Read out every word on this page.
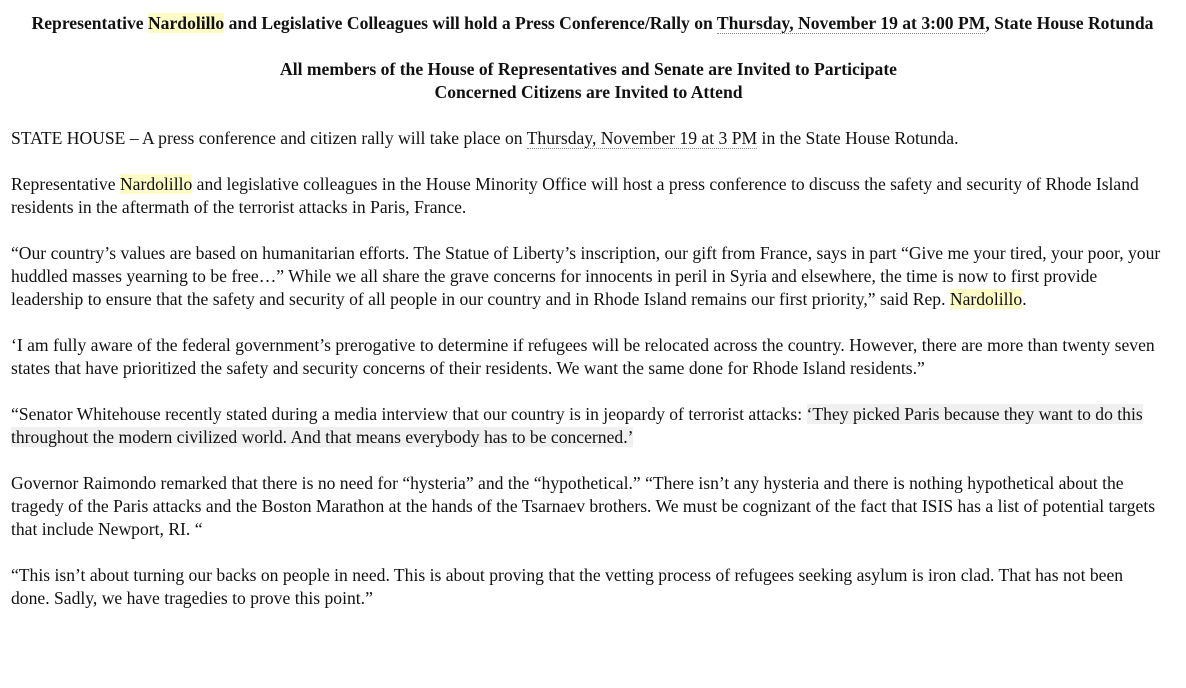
Representative Nardolillo and Legislative Colleagues will hold a Press Conference/Rally on Thursday, November 19 at 3:00 PM, State House Rotunda

All members of the House of Representatives and Senate are Invited to Participate
Concerned Citizens are Invited to Attend

STATE HOUSE – A press conference and citizen rally will take place on Thursday, November 19 at 3 PM in the State House Rotunda.

Representative Nardolillo and legislative colleagues in the House Minority Office will host a press conference to discuss the safety and security of Rhode Island residents in the aftermath of the terrorist attacks in Paris, France.

“Our country’s values are based on humanitarian efforts. The Statue of Liberty’s inscription, our gift from France, says in part “Give me your tired, your poor, your huddled masses yearning to be free…” While we all share the grave concerns for innocents in peril in Syria and elsewhere, the time is now to first provide leadership to ensure that the safety and security of all people in our country and in Rhode Island remains our first priority,” said Rep. Nardolillo.

‘I am fully aware of the federal government’s prerogative to determine if refugees will be relocated across the country. However, there are more than twenty seven states that have prioritized the safety and security concerns of their residents. We want the same done for Rhode Island residents.”

“Senator Whitehouse recently stated during a media interview that our country is in jeopardy of terrorist attacks: ‘They picked Paris because they want to do this throughout the modern civilized world. And that means everybody has to be concerned.’

Governor Raimondo remarked that there is no need for “hysteria” and the “hypothetical.” “There isn’t any hysteria and there is nothing hypothetical about the tragedy of the Paris attacks and the Boston Marathon at the hands of the Tsarnaev brothers. We must be cognizant of the fact that ISIS has a list of potential targets that include Newport, RI. “

“This isn’t about turning our backs on people in need. This is about proving that the vetting process of refugees seeking asylum is iron clad. That has not been done. Sadly, we have tragedies to prove this point.”
